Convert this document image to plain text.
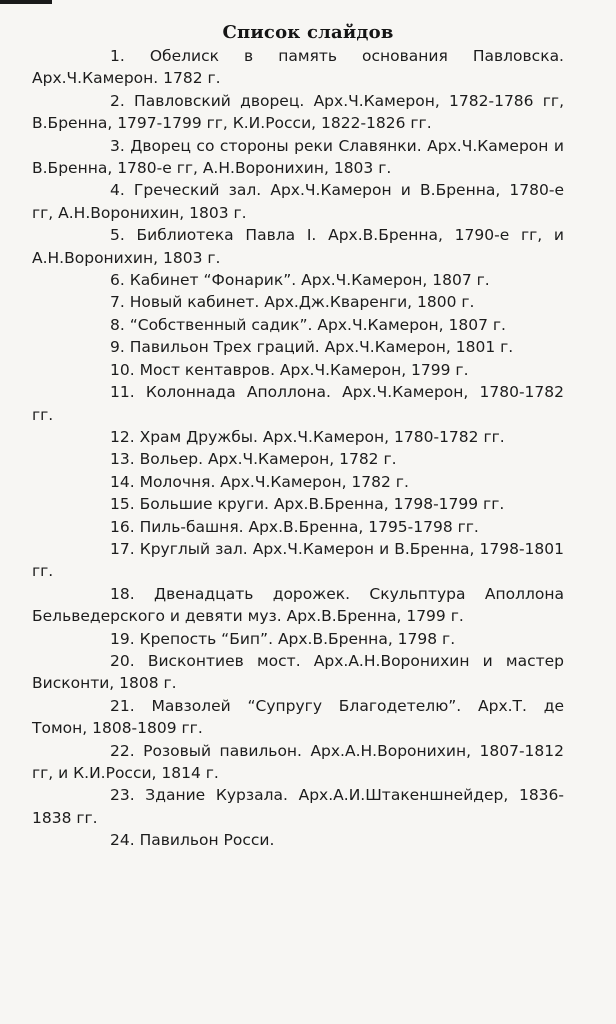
Список слайдов
1. Обелиск в память основания Павловска. Арх.Ч.Камерон. 1782 г.
2. Павловский дворец. Арх.Ч.Камерон, 1782-1786 гг, В.Бренна, 1797-1799 гг, К.И.Росси, 1822-1826 гг.
3. Дворец со стороны реки Славянки. Арх.Ч.Камерон и В.Бренна, 1780-е гг, А.Н.Воронихин, 1803 г.
4. Греческий зал. Арх.Ч.Камерон и В.Бренна, 1780-е гг, А.Н.Воронихин, 1803 г.
5. Библиотека Павла I. Арх.В.Бренна, 1790-е гг, и А.Н.Воронихин, 1803 г.
6. Кабинет “Фонарик”. Арх.Ч.Камерон, 1807 г.
7. Новый кабинет. Арх.Дж.Кваренги, 1800 г.
8. “Собственный садик”. Арх.Ч.Камерон, 1807 г.
9. Павильон Трех граций. Арх.Ч.Камерон, 1801 г.
10. Мост кентавров. Арх.Ч.Камерон, 1799 г.
11. Колоннада Аполлона. Арх.Ч.Камерон, 1780-1782 гг.
12. Храм Дружбы. Арх.Ч.Камерон, 1780-1782 гг.
13. Вольер. Арх.Ч.Камерон, 1782 г.
14. Молочня. Арх.Ч.Камерон, 1782 г.
15. Большие круги. Арх.В.Бренна, 1798-1799 гг.
16. Пиль-башня. Арх.В.Бренна, 1795-1798 гг.
17. Круглый зал. Арх.Ч.Камерон и В.Бренна, 1798-1801 гг.
18. Двенадцать дорожек. Скульптура Аполлона Бельведерского и девяти муз. Арх.В.Бренна, 1799 г.
19. Крепость “Бип”. Арх.В.Бренна, 1798 г.
20. Висконтиев мост. Арх.А.Н.Воронихин и мастер Висконти, 1808 г.
21. Мавзолей “Супругу Благодетелю”. Арх.Т. де Томон, 1808-1809 гг.
22. Розовый павильон. Арх.А.Н.Воронихин, 1807-1812 гг, и К.И.Росси, 1814 г.
23. Здание Курзала. Арх.А.И.Штакеншнейдер, 1836-1838 гг.
24. Павильон Росси.
